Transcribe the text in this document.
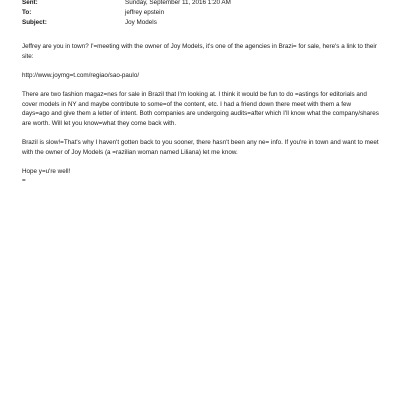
Sent:	Sunday, September 11, 2016 1:20 AM
To:	jeffrey epstein
Subject:	Joy Models

Jeffrey are you in town? I'=meeting with the owner of Joy Models, it's one of the agencies in Brazi= for sale, here's a link to their site:

http://www.joymg=t.com/regiao/sao-paulo/

There are two fashion magaz=nes for sale in Brazil that I'm looking at. I think it would be fun to do =astings for editorials and cover models in NY and maybe contribute to some=of the content, etc. I had a friend down there meet with them a few days=ago and give them a letter of intent. Both companies are undergoing audits=after which I'll know what the company/shares are worth. Will let you know=what they come back with.

Brazil is slow!=That's why I haven't gotten back to you sooner, there hasn't been any ne= info. If you're in town and want to meet with the owner of Joy Models (a =razilian woman named Liliana) let me know.

Hope y=u're well!

=
